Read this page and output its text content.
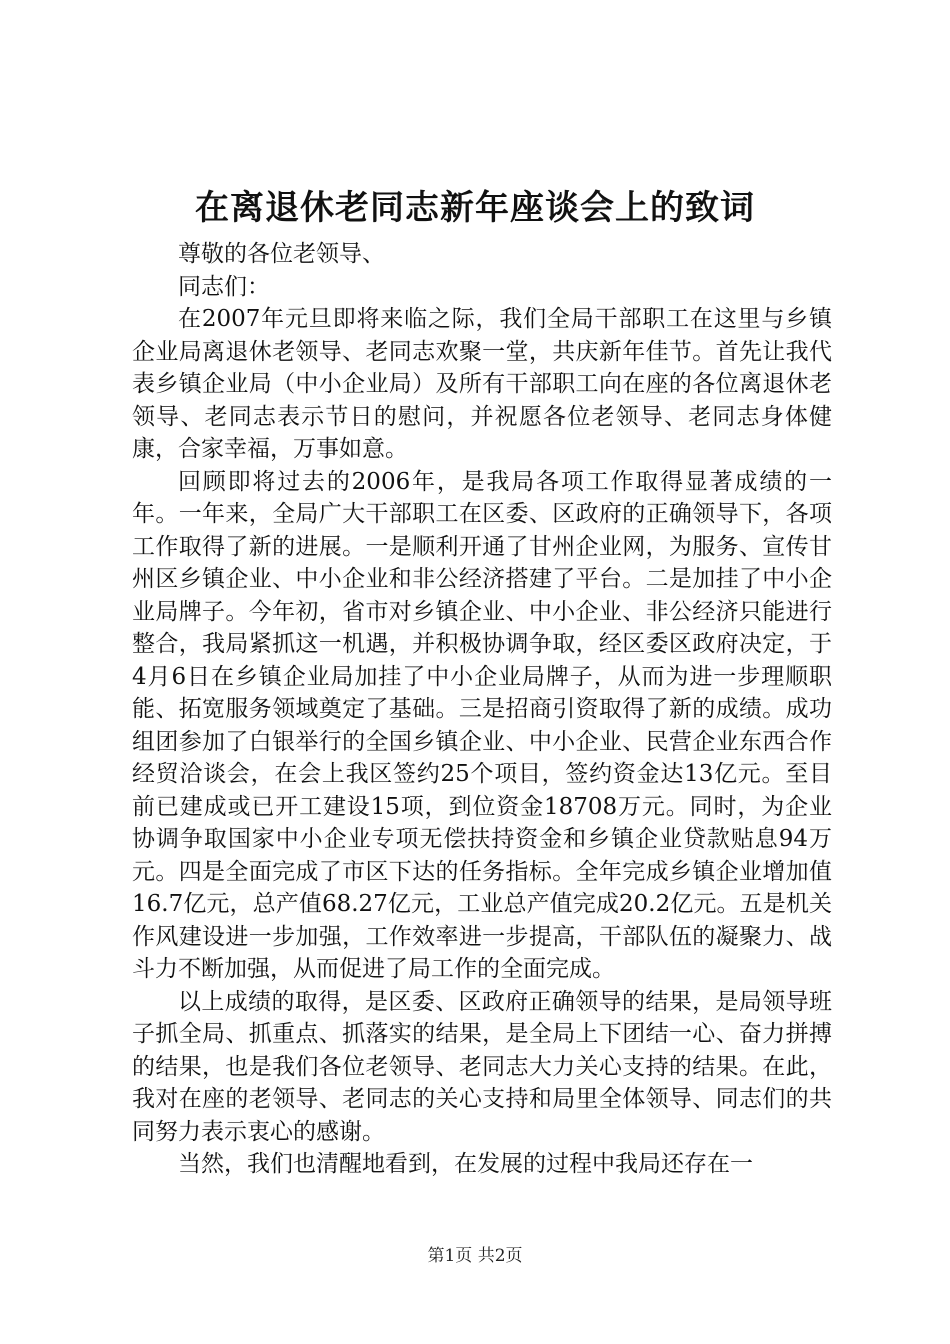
在离退休老同志新年座谈会上的致词

尊敬的各位老领导、

同志们：

在2007年元旦即将来临之际，我们全局干部职工在这里与乡镇企业局离退休老领导、老同志欢聚一堂，共庆新年佳节。首先让我代表乡镇企业局（中小企业局）及所有干部职工向在座的各位离退休老领导、老同志表示节日的慰问，并祝愿各位老领导、老同志身体健康，合家幸福，万事如意。

回顾即将过去的2006年，是我局各项工作取得显著成绩的一年。一年来，全局广大干部职工在区委、区政府的正确领导下，各项工作取得了新的进展。一是顺利开通了甘州企业网，为服务、宣传甘州区乡镇企业、中小企业和非公经济搭建了平台。二是加挂了中小企业局牌子。今年初，省市对乡镇企业、中小企业、非公经济只能进行整合，我局紧抓这一机遇，并积极协调争取，经区委区政府决定，于4月6日在乡镇企业局加挂了中小企业局牌子，从而为进一步理顺职能、拓宽服务领域奠定了基础。三是招商引资取得了新的成绩。成功组团参加了白银举行的全国乡镇企业、中小企业、民营企业东西合作经贸洽谈会，在会上我区签约25个项目，签约资金达13亿元。至目前已建成或已开工建设15项，到位资金18708万元。同时，为企业协调争取国家中小企业专项无偿扶持资金和乡镇企业贷款贴息94万元。四是全面完成了市区下达的任务指标。全年完成乡镇企业增加值16.7亿元，总产值68.27亿元，工业总产值完成20.2亿元。五是机关作风建设进一步加强，工作效率进一步提高，干部队伍的凝聚力、战斗力不断加强，从而促进了局工作的全面完成。

以上成绩的取得，是区委、区政府正确领导的结果，是局领导班子抓全局、抓重点、抓落实的结果，是全局上下团结一心、奋力拼搏的结果，也是我们各位老领导、老同志大力关心支持的结果。在此，我对在座的老领导、老同志的关心支持和局里全体领导、同志们的共同努力表示衷心的感谢。

当然，我们也清醒地看到，在发展的过程中我局还存在一

第1页 共2页
